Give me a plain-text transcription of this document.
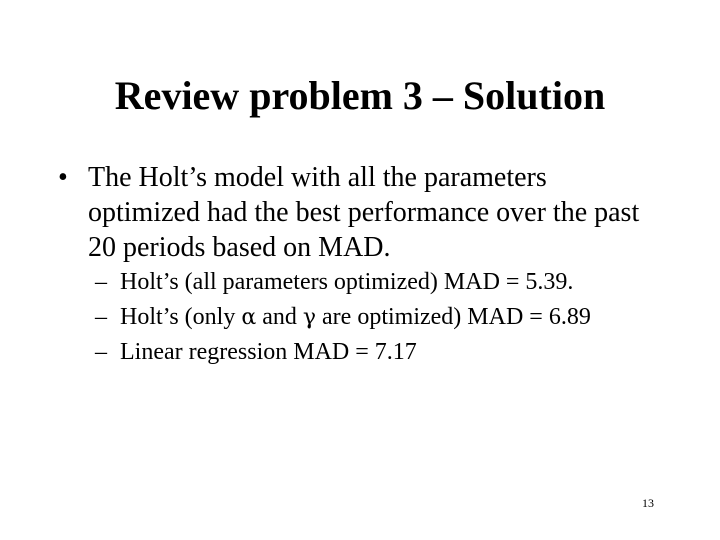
Review problem 3 – Solution
• The Holt’s model with all the parameters
optimized had the best performance over the past
20 periods based on MAD.
– Holt’s (all parameters optimized) MAD = 5.39.
– Holt’s (only α and γ are optimized) MAD = 6.89
– Linear regression MAD = 7.17
13
